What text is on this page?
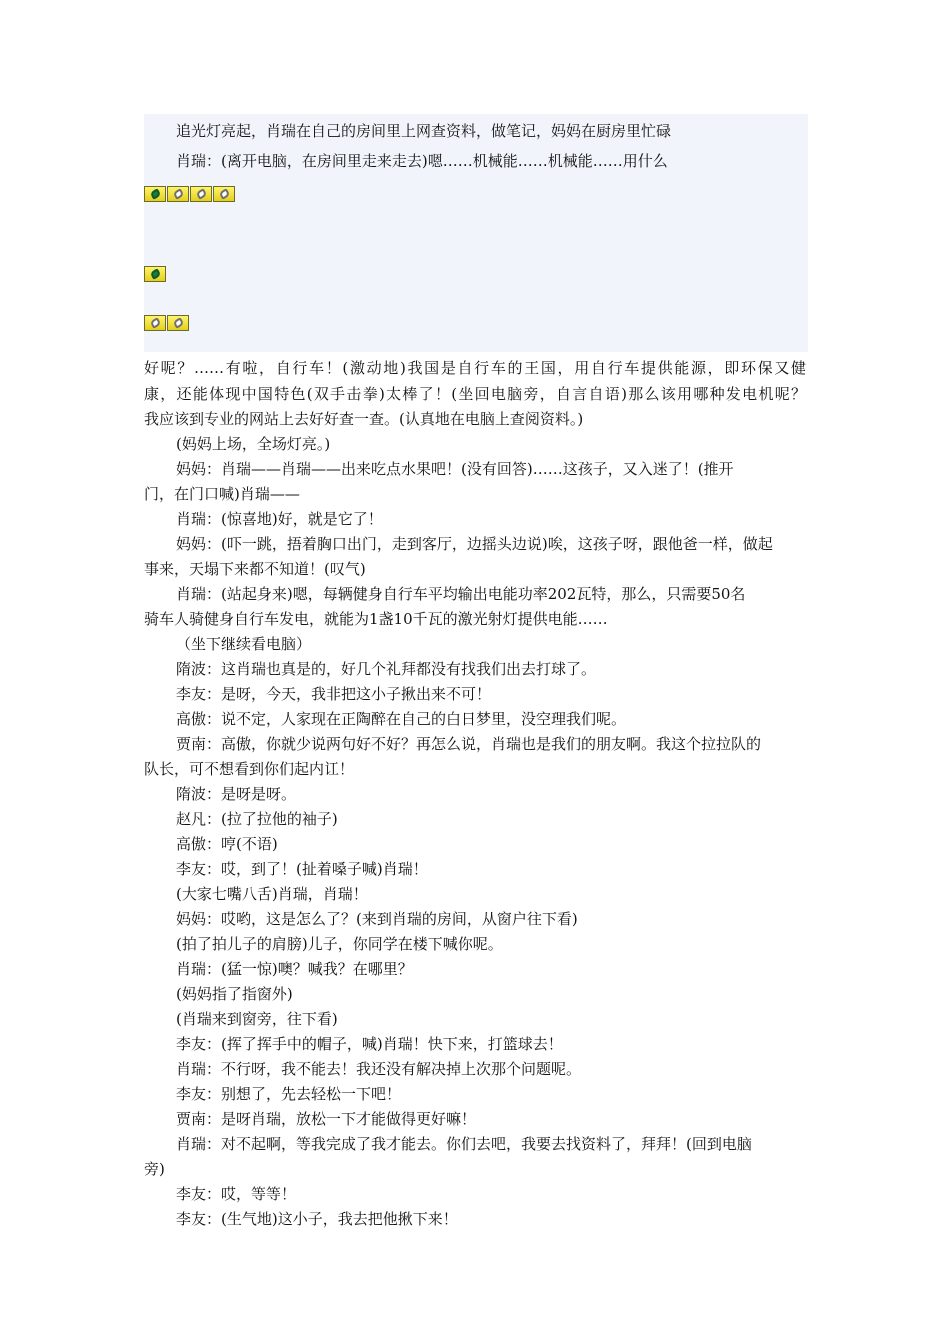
追光灯亮起，肖瑞在自己的房间里上网查资料，做笔记，妈妈在厨房里忙碌
肖瑞：(离开电脑，在房间里走来走去)嗯……机械能……机械能……用什么
好呢？……有啦，自行车！(激动地)我国是自行车的王国，用自行车提供能源，即环保又健
康，还能体现中国特色(双手击拳)太棒了！(坐回电脑旁，自言自语)那么该用哪种发电机呢？
我应该到专业的网站上去好好查一查。(认真地在电脑上查阅资料。)
(妈妈上场，全场灯亮。)
妈妈：肖瑞——肖瑞——出来吃点水果吧！(没有回答)……这孩子，又入迷了！(推开
门，在门口喊)肖瑞——
肖瑞：(惊喜地)好，就是它了！
妈妈：(吓一跳，捂着胸口出门，走到客厅，边摇头边说)唉，这孩子呀，跟他爸一样，做起
事来，天塌下来都不知道！(叹气)
肖瑞：(站起身来)嗯，每辆健身自行车平均输出电能功率202瓦特，那么，只需要50名
骑车人骑健身自行车发电，就能为1盏10千瓦的激光射灯提供电能……
（坐下继续看电脑）
隋波：这肖瑞也真是的，好几个礼拜都没有找我们出去打球了。
李友：是呀，今天，我非把这小子揪出来不可！
高傲：说不定，人家现在正陶醉在自己的白日梦里，没空理我们呢。
贾南：高傲，你就少说两句好不好？再怎么说，肖瑞也是我们的朋友啊。我这个拉拉队的
队长，可不想看到你们起内讧！
隋波：是呀是呀。
赵凡：(拉了拉他的袖子)
高傲：哼(不语)
李友：哎，到了！(扯着嗓子喊)肖瑞！
(大家七嘴八舌)肖瑞，肖瑞！
妈妈：哎哟，这是怎么了？(来到肖瑞的房间，从窗户往下看)
(拍了拍儿子的肩膀)儿子，你同学在楼下喊你呢。
肖瑞：(猛一惊)噢？喊我？在哪里？
(妈妈指了指窗外)
(肖瑞来到窗旁，往下看)
李友：(挥了挥手中的帽子，喊)肖瑞！快下来，打篮球去！
肖瑞：不行呀，我不能去！我还没有解决掉上次那个问题呢。
李友：别想了，先去轻松一下吧！
贾南：是呀肖瑞，放松一下才能做得更好嘛！
肖瑞：对不起啊，等我完成了我才能去。你们去吧，我要去找资料了，拜拜！(回到电脑
旁)
李友：哎，等等！
李友：(生气地)这小子，我去把他揪下来！
